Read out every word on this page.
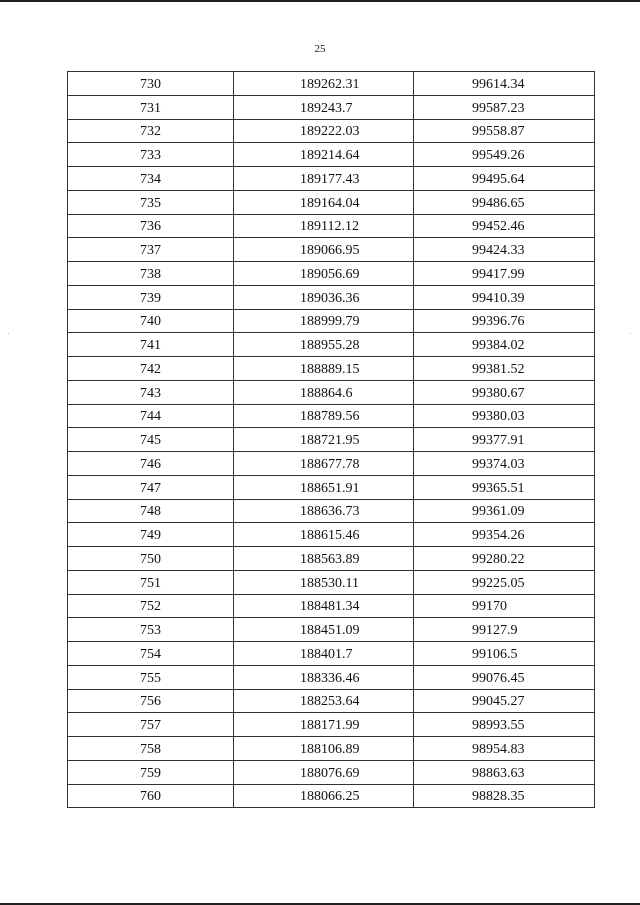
25
730	189262.31	99614.34
731	189243.7	99587.23
732	189222.03	99558.87
733	189214.64	99549.26
734	189177.43	99495.64
735	189164.04	99486.65
736	189112.12	99452.46
737	189066.95	99424.33
738	189056.69	99417.99
739	189036.36	99410.39
740	188999.79	99396.76
741	188955.28	99384.02
742	188889.15	99381.52
743	188864.6	99380.67
744	188789.56	99380.03
745	188721.95	99377.91
746	188677.78	99374.03
747	188651.91	99365.51
748	188636.73	99361.09
749	188615.46	99354.26
750	188563.89	99280.22
751	188530.11	99225.05
752	188481.34	99170
753	188451.09	99127.9
754	188401.7	99106.5
755	188336.46	99076.45
756	188253.64	99045.27
757	188171.99	98993.55
758	188106.89	98954.83
759	188076.69	98863.63
760	188066.25	98828.35
